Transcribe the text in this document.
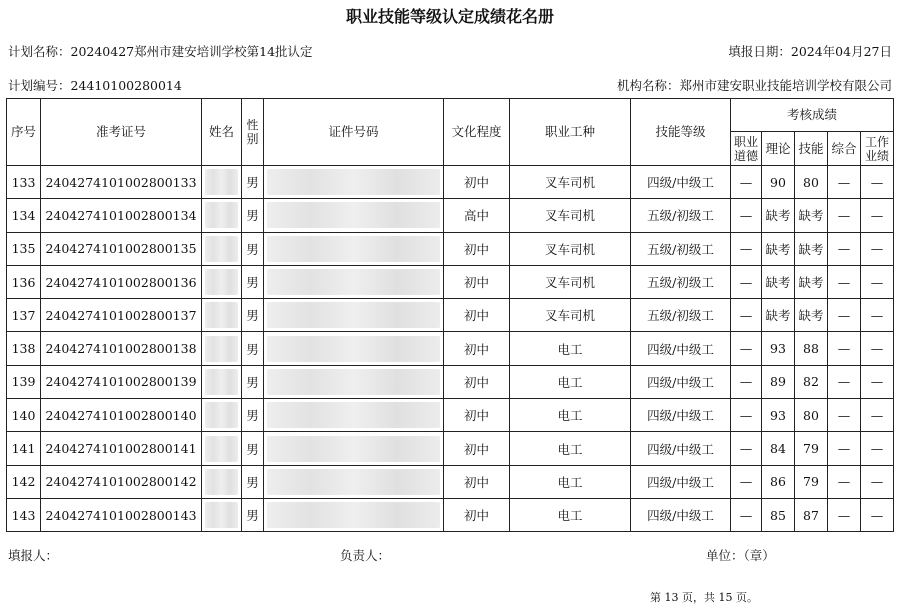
职业技能等级认定成绩花名册
计划名称：20240427郑州市建安培训学校第14批认定	填报日期：2024年04月27日
计划编号：24410100280014	机构名称：郑州市建安职业技能培训学校有限公司
序号	准考证号	姓名	性别	证件号码	文化程度	职业工种	技能等级	考核成绩				
								职业道德	理论	技能	综合	工作业绩
133	2404274101002800133		男		初中	叉车司机	四级/中级工	—	90	80	—	—
134	2404274101002800134		男		高中	叉车司机	五级/初级工	—	缺考	缺考	—	—
135	2404274101002800135		男		初中	叉车司机	五级/初级工	—	缺考	缺考	—	—
136	2404274101002800136		男		初中	叉车司机	五级/初级工	—	缺考	缺考	—	—
137	2404274101002800137		男		初中	叉车司机	五级/初级工	—	缺考	缺考	—	—
138	2404274101002800138		男		初中	电工	四级/中级工	—	93	88	—	—
139	2404274101002800139		男		初中	电工	四级/中级工	—	89	82	—	—
140	2404274101002800140		男		初中	电工	四级/中级工	—	93	80	—	—
141	2404274101002800141		男		初中	电工	四级/中级工	—	84	79	—	—
142	2404274101002800142		男		初中	电工	四级/中级工	—	86	79	—	—
143	2404274101002800143		男		初中	电工	四级/中级工	—	85	87	—	—
填报人：	负责人：	单位：（章）
第 13 页，共 15 页。
